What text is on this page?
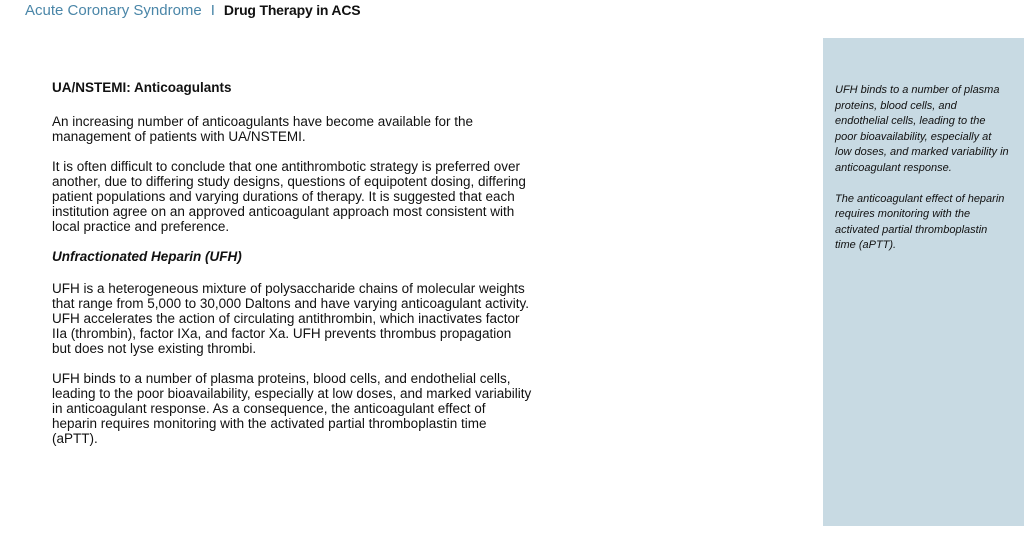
Acute Coronary Syndrome I Drug Therapy in ACS
UA/NSTEMI: Anticoagulants

An increasing number of anticoagulants have become available for the management of patients with UA/NSTEMI.

It is often difficult to conclude that one antithrombotic strategy is preferred over another, due to differing study designs, questions of equipotent dosing, differing patient populations and varying durations of therapy. It is suggested that each institution agree on an approved anticoagulant approach most consistent with local practice and preference.

Unfractionated Heparin (UFH)

UFH is a heterogeneous mixture of polysaccharide chains of molecular weights that range from 5,000 to 30,000 Daltons and have varying anticoagulant activity. UFH accelerates the action of circulating antithrombin, which inactivates factor IIa (thrombin), factor IXa, and factor Xa. UFH prevents thrombus propagation but does not lyse existing thrombi.

UFH binds to a number of plasma proteins, blood cells, and endothelial cells, leading to the poor bioavailability, especially at low doses, and marked variability in anticoagulant response. As a consequence, the anticoagulant effect of heparin requires monitoring with the activated partial thromboplastin time (aPTT).

UFH binds to a number of plasma proteins, blood cells, and endothelial cells, leading to the poor bioavailability, especially at low doses, and marked variability in anticoagulant response.

The anticoagulant effect of heparin requires monitoring with the activated partial thromboplastin time (aPTT).
